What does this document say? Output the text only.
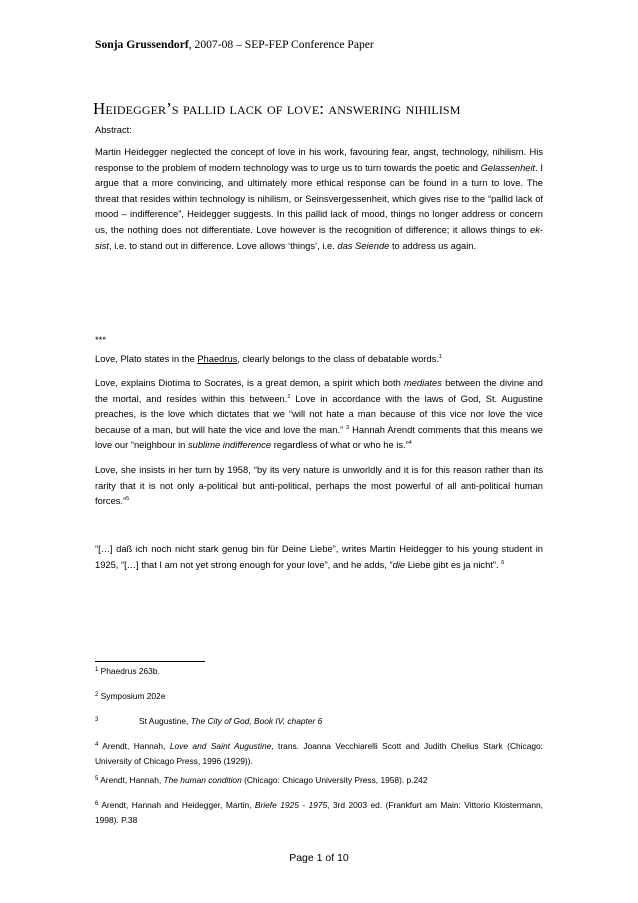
Sonja Grussendorf, 2007-08 – SEP-FEP Conference Paper
Heidegger’s pallid lack of love: answering nihilism
Abstract:

Martin Heidegger neglected the concept of love in his work, favouring fear, angst, technology, nihilism. His response to the problem of modern technology was to urge us to turn towards the poetic and Gelassenheit. I argue that a more convincing, and ultimately more ethical response can be found in a turn to love. The threat that resides within technology is nihilism, or Seinsvergessenheit, which gives rise to the “pallid lack of mood – indifference”, Heidegger suggests. In this pallid lack of mood, things no longer address or concern us, the nothing does not differentiate. Love however is the recognition of difference; it allows things to ek-sist, i.e. to stand out in difference. Love allows ‘things’, i.e. das Seiende to address us again.

***

Love, Plato states in the Phaedrus, clearly belongs to the class of debatable words.$^1$

Love, explains Diotima to Socrates, is a great demon, a spirit which both mediates between the divine and the mortal, and resides within this between.$^2$ Love in accordance with the laws of God, St. Augustine preaches, is the love which dictates that we “will not hate a man because of this vice nor love the vice because of a man, but will hate the vice and love the man.” $^3$ Hannah Arendt comments that this means we love our “neighbour in sublime indifference regardless of what or who he is.”$^4$

Love, she insists in her turn by 1958, “by its very nature is unworldly and it is for this reason rather than its rarity that it is not only a-political but anti-political, perhaps the most powerful of all anti-political human forces.”$^5$

“[…] daß ich noch nicht stark genug bin für Deine Liebe”, writes Martin Heidegger to his young student in 1925, “[…] that I am not yet strong enough for your love”, and he adds, “die Liebe gibt es ja nicht”. $^6$

$^1$ Phaedrus 263b.
$^2$ Symposium 202e
3	St Augustine, The City of God, Book IV, chapter 6
$^4$ Arendt, Hannah, Love and Saint Augustine, trans. Joanna Vecchiarelli Scott and Judith Chelius Stark (Chicago: University of Chicago Press, 1996 (1929)).
$^5$ Arendt, Hannah, The human condition (Chicago: Chicago University Press, 1958). p.242
$^6$ Arendt, Hannah and Heidegger, Martin, Briefe 1925 - 1975, 3rd 2003 ed. (Frankfurt am Main: Vittorio Klostermann, 1998). P.38
Page 1 of 10
